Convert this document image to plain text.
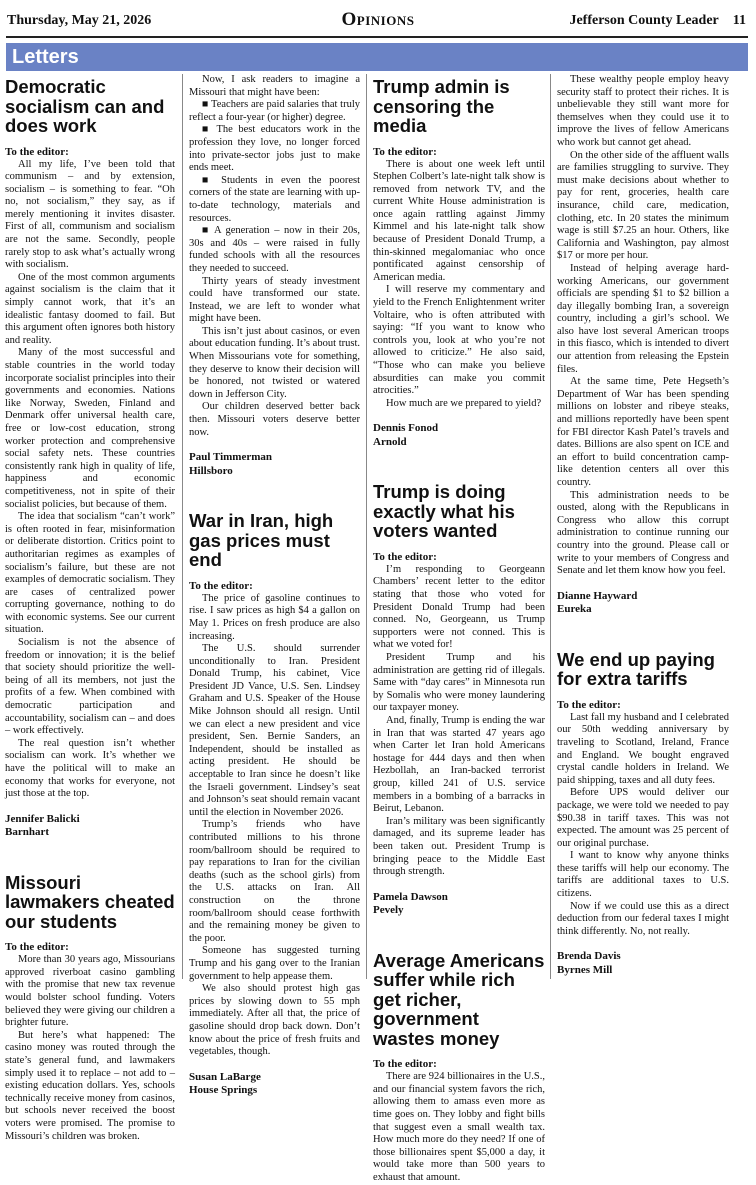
Thursday, May 21, 2026	Opinions	Jefferson County Leader 11
Letters
Democratic socialism can and does work
To the editor:

All my life, I’ve been told that communism – and by extension, socialism – is something to fear. “Oh no, not socialism,” they say, as if merely mentioning it invites disaster. First of all, communism and socialism are not the same. Secondly, people rarely stop to ask what’s actually wrong with socialism.

One of the most common arguments against socialism is the claim that it simply cannot work, that it’s an idealistic fantasy doomed to fail. But this argument often ignores both history and reality.

Many of the most successful and stable countries in the world today incorporate socialist principles into their governments and economies. Nations like Norway, Sweden, Finland and Denmark offer universal health care, free or low-cost education, strong worker protection and comprehensive social safety nets. These countries consistently rank high in quality of life, happiness and economic competitiveness, not in spite of their socialist policies, but because of them.

The idea that socialism “can’t work” is often rooted in fear, misinformation or deliberate distortion. Critics point to authoritarian regimes as examples of socialism’s failure, but these are not examples of democratic socialism. They are cases of centralized power corrupting governance, nothing to do with economic systems. See our current situation.

Socialism is not the absence of freedom or innovation; it is the belief that society should prioritize the well-being of all its members, not just the profits of a few. When combined with democratic participation and accountability, socialism can – and does – work effectively.

The real question isn’t whether socialism can work. It’s whether we have the political will to make an economy that works for everyone, not just those at the top.

Jennifer Balicki
Barnhart
Missouri lawmakers cheated our students
To the editor:

More than 30 years ago, Missourians approved riverboat casino gambling with the promise that new tax revenue would bolster school funding. Voters believed they were giving our children a brighter future.

But here’s what happened: The casino money was routed through the state’s general fund, and lawmakers simply used it to replace – not add to – existing education dollars. Yes, schools technically receive money from casinos, but schools never received the boost voters were promised. The promise to Missouri’s children was broken.

Now, I ask readers to imagine a Missouri that might have been:

■ Teachers are paid salaries that truly reflect a four-year (or higher) degree.

■ The best educators work in the profession they love, no longer forced into private-sector jobs just to make ends meet.

■ Students in even the poorest corners of the state are learning with up-to-date technology, materials and resources.

■ A generation – now in their 20s, 30s and 40s – were raised in fully funded schools with all the resources they needed to succeed.

Thirty years of steady investment could have transformed our state. Instead, we are left to wonder what might have been.

This isn’t just about casinos, or even about education funding. It’s about trust. When Missourians vote for something, they deserve to know their decision will be honored, not twisted or watered down in Jefferson City.

Our children deserved better back then. Missouri voters deserve better now.

Paul Timmerman
Hillsboro
War in Iran, high gas prices must end
To the editor:

The price of gasoline continues to rise. I saw prices as high $4 a gallon on May 1. Prices on fresh produce are also increasing.

The U.S. should surrender unconditionally to Iran. President Donald Trump, his cabinet, Vice President JD Vance, U.S. Sen. Lindsey Graham and U.S. Speaker of the House Mike Johnson should all resign. Until we can elect a new president and vice president, Sen. Bernie Sanders, an Independent, should be installed as acting president. He should be acceptable to Iran since he doesn’t like the Israeli government. Lindsey’s seat and Johnson’s seat should remain vacant until the election in November 2026.

Trump’s friends who have contributed millions to his throne room/ballroom should be required to pay reparations to Iran for the civilian deaths (such as the school girls) from the U.S. attacks on Iran. All construction on the throne room/ballroom should cease forthwith and the remaining money be given to the poor.

Someone has suggested turning Trump and his gang over to the Iranian government to help appease them.

We also should protest high gas prices by slowing down to 55 mph immediately. After all that, the price of gasoline should drop back down. Don’t know about the price of fresh fruits and vegetables, though.

Susan LaBarge
House Springs
Trump admin is censoring the media
To the editor:

There is about one week left until Stephen Colbert’s late-night talk show is removed from network TV, and the current White House administration is once again rattling against Jimmy Kimmel and his late-night talk show because of President Donald Trump, a thin-skinned megalomaniac who once pontificated against censorship of American media.

I will reserve my commentary and yield to the French Enlightenment writer Voltaire, who is often attributed with saying: “If you want to know who controls you, look at who you’re not allowed to criticize.” He also said, “Those who can make you believe absurdities can make you commit atrocities.”

How much are we prepared to yield?

Dennis Fonod
Arnold
Trump is doing exactly what his voters wanted
To the editor:

I’m responding to Georgeann Chambers’ recent letter to the editor stating that those who voted for President Donald Trump had been conned. No, Georgeann, us Trump supporters were not conned. This is what we voted for!

President Trump and his administration are getting rid of illegals. Same with “day cares” in Minnesota run by Somalis who were money laundering our taxpayer money.

And, finally, Trump is ending the war in Iran that was started 47 years ago when Carter let Iran hold Americans hostage for 444 days and then when Hezbollah, an Iran-backed terrorist group, killed 241 of U.S. service members in a bombing of a barracks in Beirut, Lebanon.

Iran’s military was been significantly damaged, and its supreme leader has been taken out. President Trump is bringing peace to the Middle East through strength.

Pamela Dawson
Pevely
Average Americans suffer while rich get richer, government wastes money
To the editor:

There are 924 billionaires in the U.S., and our financial system favors the rich, allowing them to amass even more as time goes on. They lobby and fight bills that suggest even a small wealth tax. How much more do they need? If one of those billionaires spent $5,000 a day, it would take more than 500 years to exhaust that amount.

These wealthy people employ heavy security staff to protect their riches. It is unbelievable they still want more for themselves when they could use it to improve the lives of fellow Americans who work but cannot get ahead.

On the other side of the affluent walls are families struggling to survive. They must make decisions about whether to pay for rent, groceries, health care insurance, child care, medication, clothing, etc. In 20 states the minimum wage is still $7.25 an hour. Others, like California and Washington, pay almost $17 or more per hour.

Instead of helping average hard-working Americans, our government officials are spending $1 to $2 billion a day illegally bombing Iran, a sovereign country, including a girl’s school. We also have lost several American troops in this fiasco, which is intended to divert our attention from releasing the Epstein files.

At the same time, Pete Hegseth’s Department of War has been spending millions on lobster and ribeye steaks, and millions reportedly have been spent for FBI director Kash Patel’s travels and dates. Billions are also spent on ICE and an effort to build concentration camp-like detention centers all over this country.

This administration needs to be ousted, along with the Republicans in Congress who allow this corrupt administration to continue running our country into the ground. Please call or write to your members of Congress and Senate and let them know how you feel.

Dianne Hayward
Eureka
We end up paying for extra tariffs
To the editor:

Last fall my husband and I celebrated our 50th wedding anniversary by traveling to Scotland, Ireland, France and England. We bought engraved crystal candle holders in Ireland. We paid shipping, taxes and all duty fees.

Before UPS would deliver our package, we were told we needed to pay $90.38 in tariff taxes. This was not expected. The amount was 25 percent of our original purchase.

I want to know why anyone thinks these tariffs will help our economy. The tariffs are additional taxes to U.S. citizens.

Now if we could use this as a direct deduction from our federal taxes I might think differently. No, not really.

Brenda Davis
Byrnes Mill
